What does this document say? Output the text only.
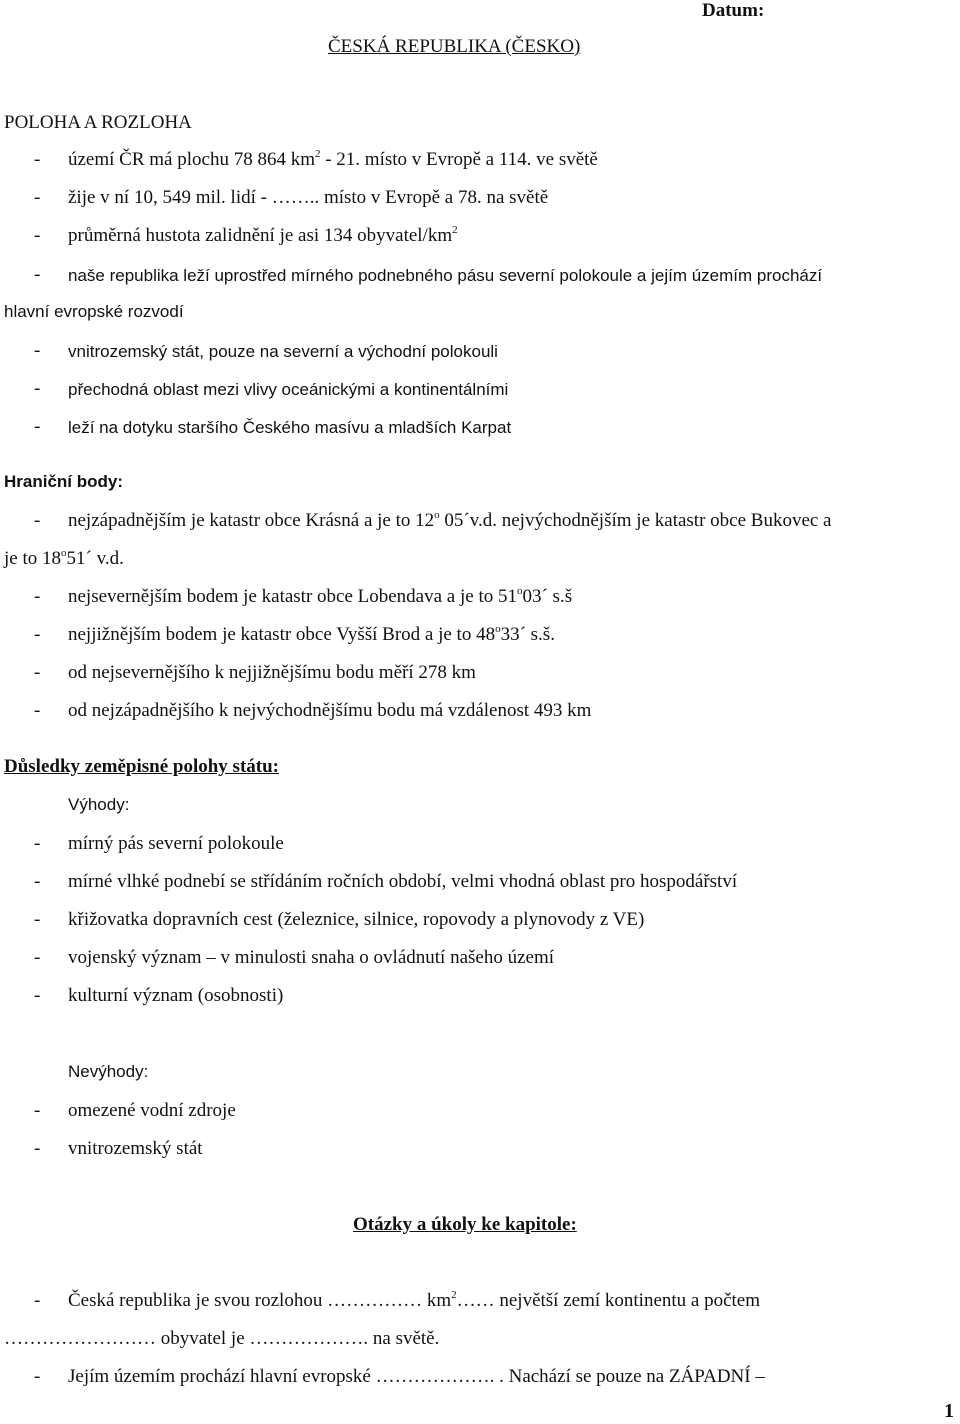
Datum:
ČESKÁ REPUBLIKA (ČESKO)
POLOHA A ROZLOHA
- území ČR má plochu 78 864 $km^2 - 21$. místo v Evropě a 114. ve světě
- žije v ní 10, 549 mil. lidí - …….. místo v Evropě a 78. na světě
- průměrná hustota zalidnění je asi 134 obyvatel/$km^2$
- naše republika leží uprostřed mírného podnebného pásu severní polokoule a jejím územím prochází
hlavní evropské rozvodí
- vnitrozemský stát, pouze na severní a východní polokouli
- přechodná oblast mezi vlivy oceánickými a kontinentálními
- leží na dotyku staršího Českého masívu a mladších Karpat
Hraniční body:
- nejzápadnějším je katastr obce Krásná a je to 12$^o$ 05´v.d. nejvýchodnějším je katastr obce Bukovec a
je to 18$^o$51´ v.d.
- nejsevernějším bodem je katastr obce Lobendava a je to 51$^o$03´ s.š
- nejjižnějším bodem je katastr obce Vyšší Brod a je to 48$^o$33´ s.š.
- od nejsevernějšího k nejjižnějšímu bodu měří 278 km
- od nejzápadnějšího k nejvýchodnějšímu bodu má vzdálenost 493 km
Důsledky zeměpisné polohy státu:
Výhody:
- mírný pás severní polokoule
- mírné vlhké podnebí se střídáním ročních období, velmi vhodná oblast pro hospodářství
- křižovatka dopravních cest (železnice, silnice, ropovody a plynovody z VE)
- vojenský význam – v minulosti snaha o ovládnutí našeho území
- kulturní význam (osobnosti)
Nevýhody:
- omezené vodní zdroje
- vnitrozemský stát
Otázky a úkoly ke kapitole:
- Česká republika je svou rozlohou …………… $km^2\dots\dots$ největší zemí kontinentu a počtem
…………………… obyvatel je ………………. na světě.
- Jejím územím prochází hlavní evropské ………………. . Nachází se pouze na ZÁPADNÍ –
1
